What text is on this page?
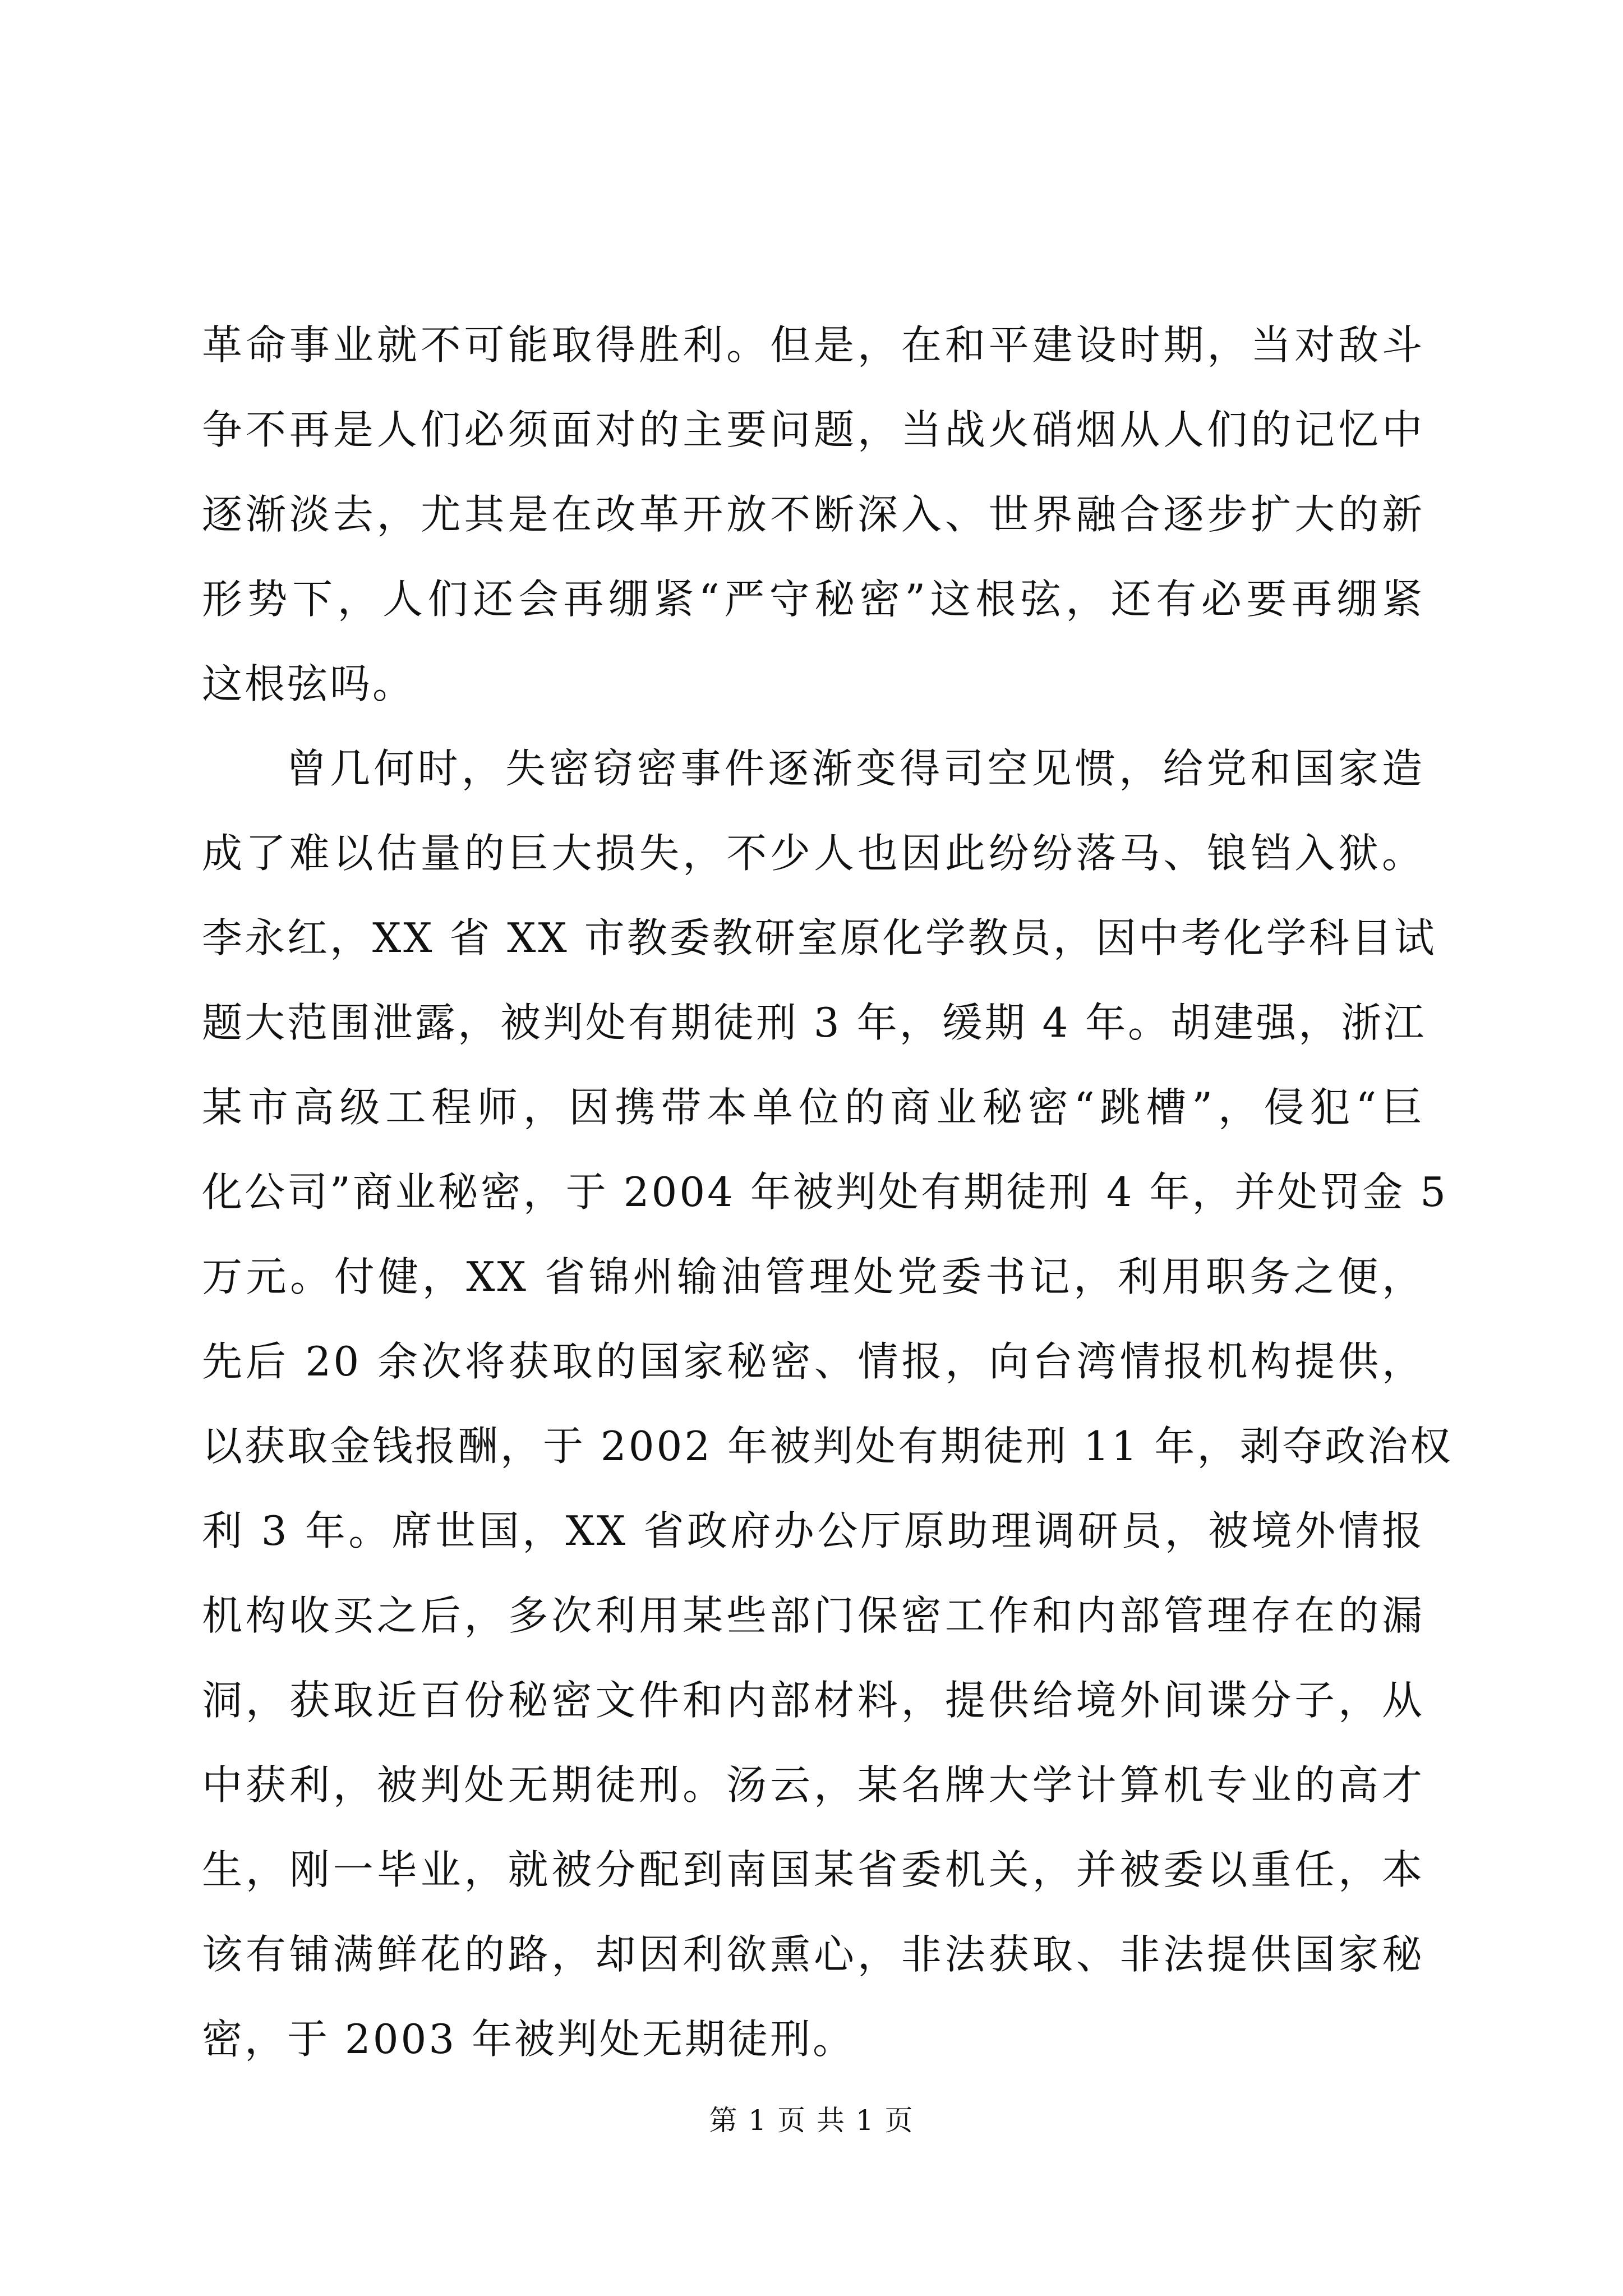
革命事业就不可能取得胜利。但是，在和平建设时期，当对敌斗
争不再是人们必须面对的主要问题，当战火硝烟从人们的记忆中
逐渐淡去，尤其是在改革开放不断深入、世界融合逐步扩大的新
形势下，人们还会再绷紧“严守秘密”这根弦，还有必要再绷紧
这根弦吗。
曾几何时，失密窃密事件逐渐变得司空见惯，给党和国家造
成了难以估量的巨大损失，不少人也因此纷纷落马、锒铛入狱。
李永红，XX 省 XX 市教委教研室原化学教员，因中考化学科目试
题大范围泄露，被判处有期徒刑 3 年，缓期 4 年。胡建强，浙江
某市高级工程师，因携带本单位的商业秘密“跳槽”，侵犯“巨
化公司”商业秘密，于 2004 年被判处有期徒刑 4 年，并处罚金 5
万元。付健，XX 省锦州输油管理处党委书记，利用职务之便，
先后 20 余次将获取的国家秘密、情报，向台湾情报机构提供，
以获取金钱报酬，于 2002 年被判处有期徒刑 11 年，剥夺政治权
利 3 年。席世国，XX 省政府办公厅原助理调研员，被境外情报
机构收买之后，多次利用某些部门保密工作和内部管理存在的漏
洞，获取近百份秘密文件和内部材料，提供给境外间谍分子，从
中获利，被判处无期徒刑。汤云，某名牌大学计算机专业的高才
生，刚一毕业，就被分配到南国某省委机关，并被委以重任，本
该有铺满鲜花的路，却因利欲熏心，非法获取、非法提供国家秘
密，于 2003 年被判处无期徒刑。
第 1 页 共 1 页
